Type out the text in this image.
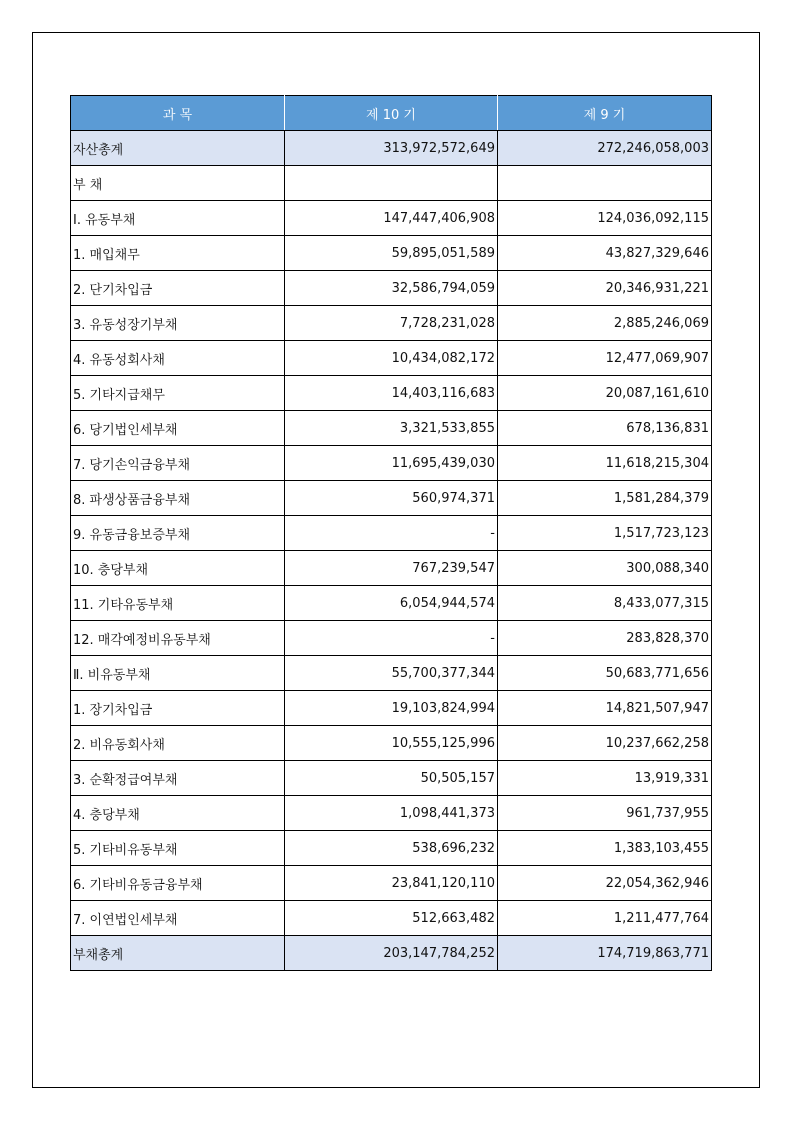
과 목	제 10 기	제 9 기
자산총계	313,972,572,649	272,246,058,003
부 채		
Ⅰ. 유동부채	147,447,406,908	124,036,092,115
1. 매입채무	59,895,051,589	43,827,329,646
2. 단기차입금	32,586,794,059	20,346,931,221
3. 유동성장기부채	7,728,231,028	2,885,246,069
4. 유동성회사채	10,434,082,172	12,477,069,907
5. 기타지급채무	14,403,116,683	20,087,161,610
6. 당기법인세부채	3,321,533,855	678,136,831
7. 당기손익금융부채	11,695,439,030	11,618,215,304
8. 파생상품금융부채	560,974,371	1,581,284,379
9. 유동금융보증부채	-	1,517,723,123
10. 충당부채	767,239,547	300,088,340
11. 기타유동부채	6,054,944,574	8,433,077,315
12. 매각예정비유동부채	-	283,828,370
Ⅱ. 비유동부채	55,700,377,344	50,683,771,656
1. 장기차입금	19,103,824,994	14,821,507,947
2. 비유동회사채	10,555,125,996	10,237,662,258
3. 순확정급여부채	50,505,157	13,919,331
4. 충당부채	1,098,441,373	961,737,955
5. 기타비유동부채	538,696,232	1,383,103,455
6. 기타비유동금융부채	23,841,120,110	22,054,362,946
7. 이연법인세부채	512,663,482	1,211,477,764
부채총계	203,147,784,252	174,719,863,771
